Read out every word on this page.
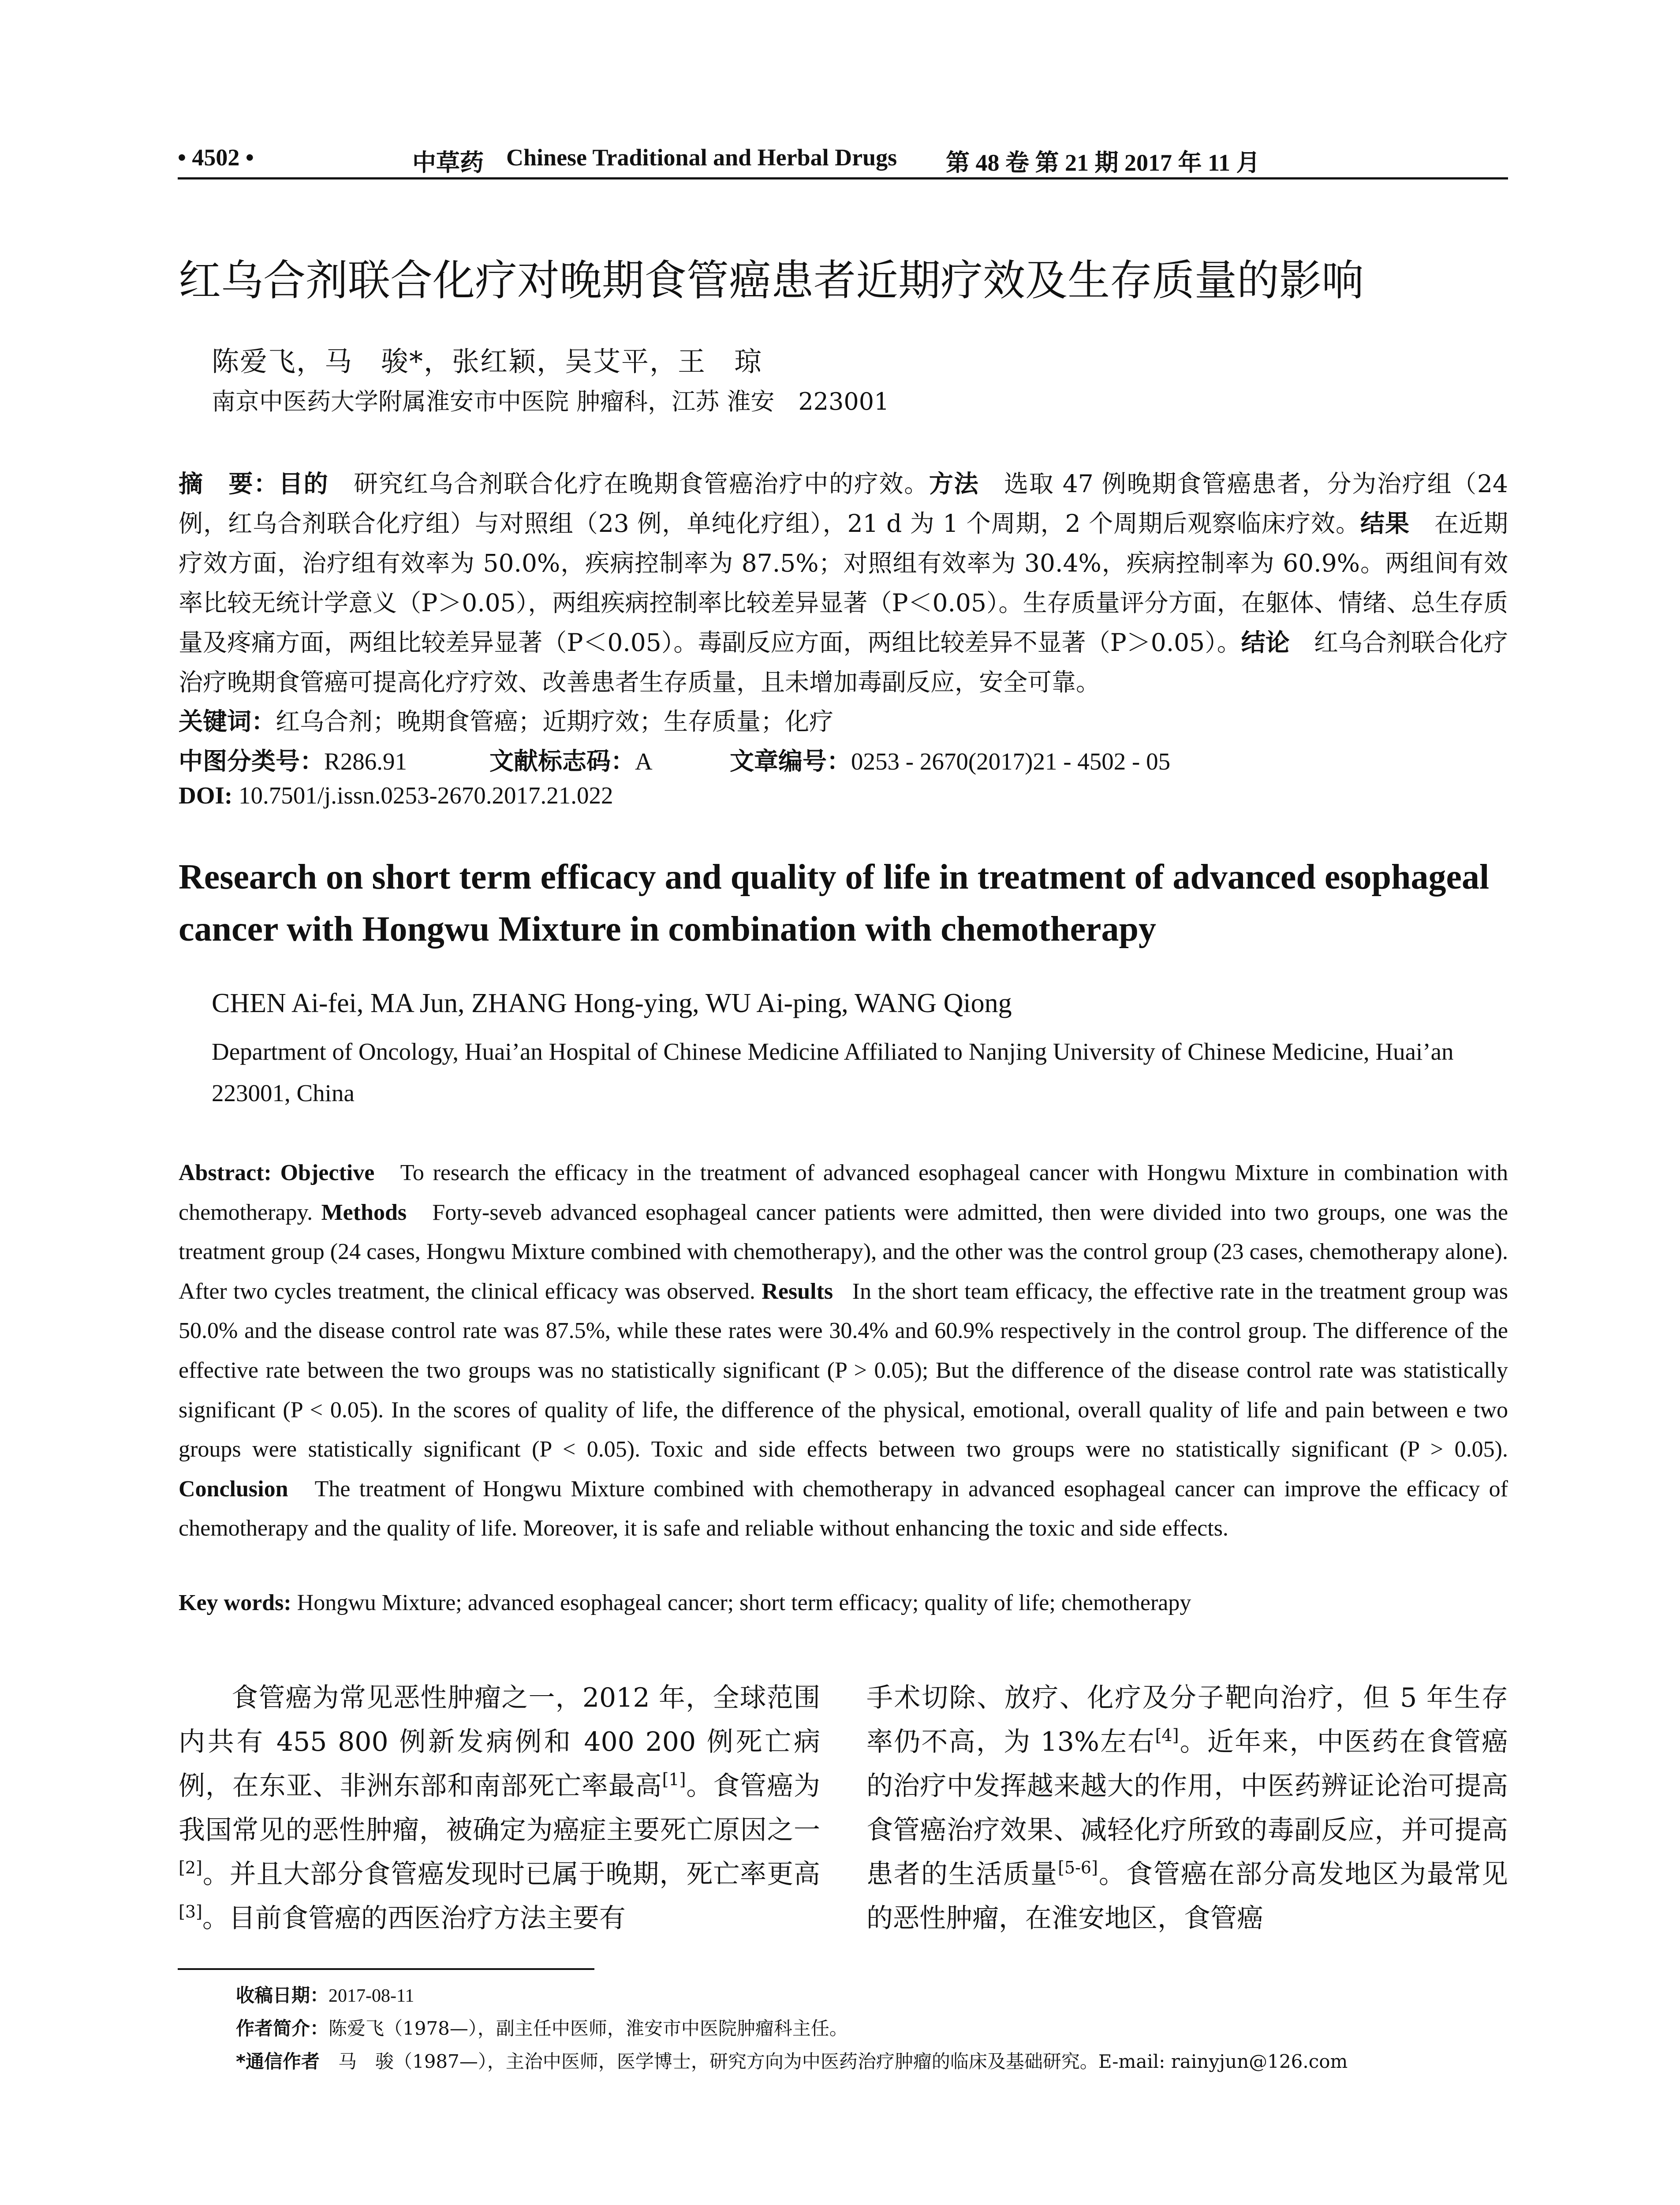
• 4502 •	中草药 Chinese Traditional and Herbal Drugs 第 48 卷 第 21 期 2017 年 11 月
红乌合剂联合化疗对晚期食管癌患者近期疗效及生存质量的影响
陈爱飞，马　骏*，张红颖，吴艾平，王　琼
南京中医药大学附属淮安市中医院 肿瘤科，江苏 淮安　223001
摘　要：目的　 研究红乌合剂联合化疗在晚期食管癌治疗中的疗效。方法　 选取 47 例晚期食管癌患者，分为治疗组（24 例，红乌合剂联合化疗组）与对照组（23 例，单纯化疗组），21 d 为 1 个周期，2 个周期后观察临床疗效。结果　 在近期疗效方面，治疗组有效率为 50.0%，疾病控制率为 87.5%；对照组有效率为 30.4%，疾病控制率为 60.9%。两组间有效率比较无统计学意义（P＞0.05），两组疾病控制率比较差异显著（P＜0.05）。生存质量评分方面，在躯体、情绪、总生存质量及疼痛方面，两组比较差异显著（P＜0.05）。毒副反应方面，两组比较差异不显著（P＞0.05）。结论　 红乌合剂联合化疗治疗晚期食管癌可提高化疗疗效、改善患者生存质量，且未增加毒副反应，安全可靠。
关键词：红乌合剂；晚期食管癌；近期疗效；生存质量；化疗
中图分类号：R286.91	文献标志码：A	文章编号：0253 - 2670(2017)21 - 4502 - 05
DOI: 10.7501/j.issn.0253-2670.2017.21.022
Research on short term efficacy and quality of life in treatment of advanced esophageal cancer with Hongwu Mixture in combination with chemotherapy
CHEN Ai-fei, MA Jun, ZHANG Hong-ying, WU Ai-ping, WANG Qiong
Department of Oncology, Huai’an Hospital of Chinese Medicine Affiliated to Nanjing University of Chinese Medicine, Huai’an 223001, China
Abstract: Objective To research the efficacy in the treatment of advanced esophageal cancer with Hongwu Mixture in combination with chemotherapy. Methods Forty-seveb advanced esophageal cancer patients were admitted, then were divided into two groups, one was the treatment group (24 cases, Hongwu Mixture combined with chemotherapy), and the other was the control group (23 cases, chemotherapy alone). After two cycles treatment, the clinical efficacy was observed. Results In the short team efficacy, the effective rate in the treatment group was 50.0% and the disease control rate was 87.5%, while these rates were 30.4% and 60.9% respectively in the control group. The difference of the effective rate between the two groups was no statistically significant (P > 0.05); But the difference of the disease control rate was statistically significant (P < 0.05). In the scores of quality of life, the difference of the physical, emotional, overall quality of life and pain between e two groups were statistically significant (P < 0.05). Toxic and side effects between two groups were no statistically significant (P > 0.05). Conclusion The treatment of Hongwu Mixture combined with chemotherapy in advanced esophageal cancer can improve the efficacy of chemotherapy and the quality of life. Moreover, it is safe and reliable without enhancing the toxic and side effects.
Key words: Hongwu Mixture; advanced esophageal cancer; short term efficacy; quality of life; chemotherapy
食管癌为常见恶性肿瘤之一，2012 年，全球范围内共有 455 800 例新发病例和 400 200 例死亡病例，在东亚、非洲东部和南部死亡率最高[1]。食管癌为我国常见的恶性肿瘤，被确定为癌症主要死亡原因之一[2]。并且大部分食管癌发现时已属于晚期，死亡率更高[3]。目前食管癌的西医治疗方法主要有
手术切除、放疗、化疗及分子靶向治疗，但 5 年生存率仍不高，为 13%左右[4]。近年来，中医药在食管癌的治疗中发挥越来越大的作用，中医药辨证论治可提高食管癌治疗效果、减轻化疗所致的毒副反应，并可提高患者的生活质量[5-6]。食管癌在部分高发地区为最常见的恶性肿瘤，在淮安地区，食管癌
收稿日期：2017-08-11
作者简介：陈爱飞（1978—），副主任中医师，淮安市中医院肿瘤科主任。
*通信作者　 马　骏（1987—），主治中医师，医学博士，研究方向为中医药治疗肿瘤的临床及基础研究。E-mail: rainyjun@126.com
